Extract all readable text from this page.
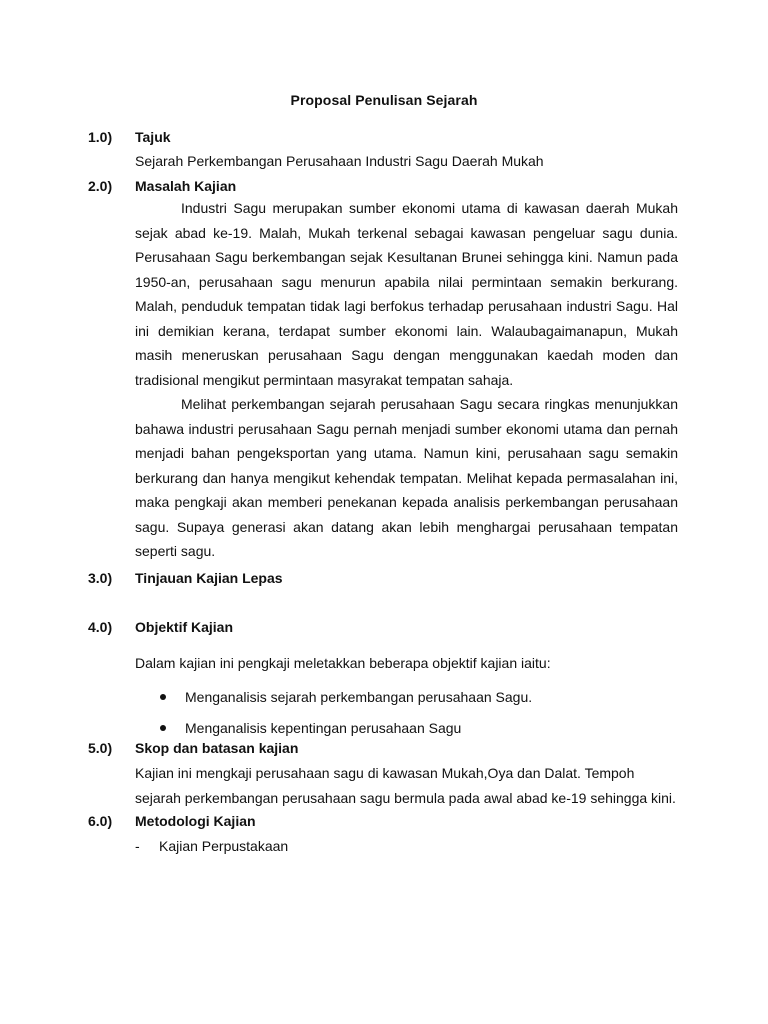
Proposal Penulisan Sejarah
1.0)	Tajuk
Sejarah Perkembangan Perusahaan Industri Sagu Daerah Mukah
2.0)	Masalah Kajian
Industri Sagu merupakan sumber ekonomi utama di kawasan daerah Mukah sejak abad ke-19. Malah, Mukah terkenal sebagai kawasan pengeluar sagu dunia. Perusahaan Sagu berkembangan sejak Kesultanan Brunei sehingga kini. Namun pada 1950-an, perusahaan sagu menurun apabila nilai permintaan semakin berkurang. Malah, penduduk tempatan tidak lagi berfokus terhadap perusahaan industri Sagu. Hal ini demikian kerana, terdapat sumber ekonomi lain. Walaubagaimanapun, Mukah masih meneruskan perusahaan Sagu dengan menggunakan kaedah moden dan tradisional mengikut permintaan masyrakat tempatan sahaja.
Melihat perkembangan sejarah perusahaan Sagu secara ringkas menunjukkan bahawa industri perusahaan Sagu pernah menjadi sumber ekonomi utama dan pernah menjadi bahan pengeksportan yang utama. Namun kini, perusahaan sagu semakin berkurang dan hanya mengikut kehendak tempatan. Melihat kepada permasalahan ini, maka pengkaji akan memberi penekanan kepada analisis perkembangan perusahaan sagu. Supaya generasi akan datang akan lebih menghargai perusahaan tempatan seperti sagu.
3.0)	Tinjauan Kajian Lepas
4.0)	Objektif Kajian
Dalam kajian ini pengkaji meletakkan beberapa objektif kajian iaitu:
Menganalisis sejarah perkembangan perusahaan Sagu.
Menganalisis kepentingan perusahaan Sagu
5.0)	Skop dan batasan kajian
Kajian ini mengkaji perusahaan sagu di kawasan Mukah,Oya dan Dalat. Tempoh
sejarah perkembangan perusahaan sagu bermula pada awal abad ke-19 sehingga kini.
6.0)	Metodologi Kajian
- Kajian Perpustakaan
